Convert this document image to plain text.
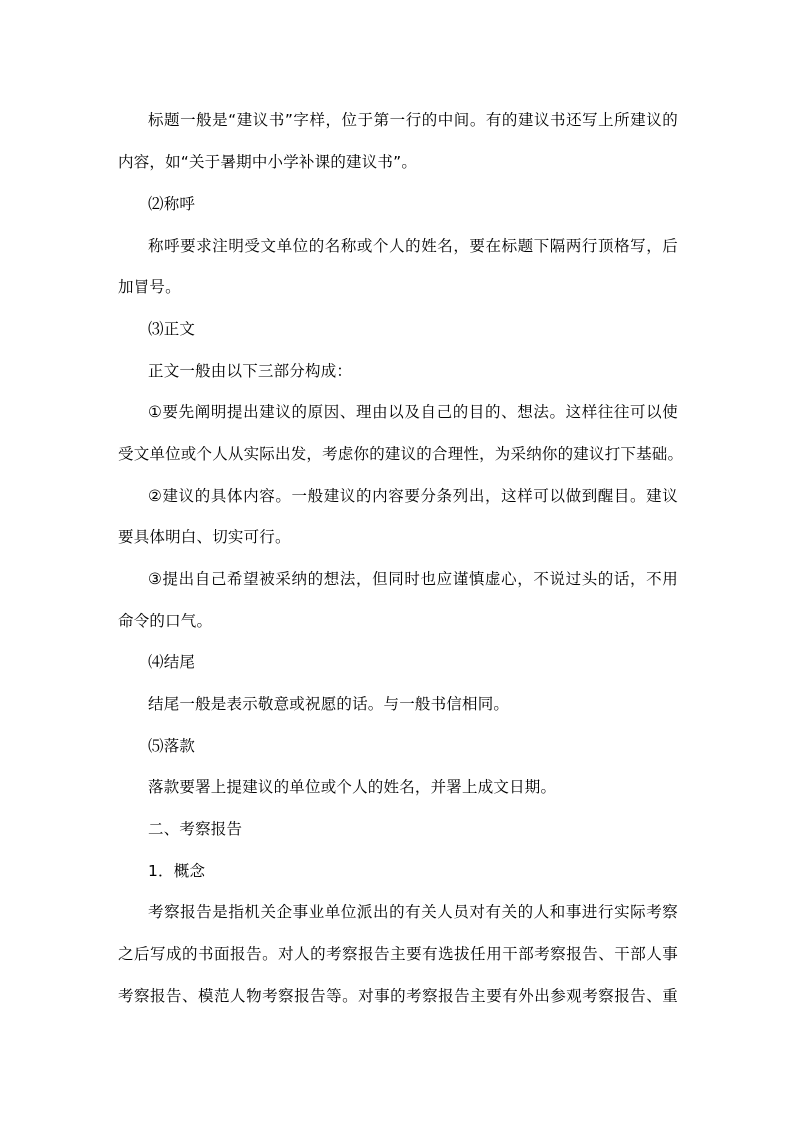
标题一般是“建议书”字样，位于第一行的中间。有的建议书还写上所建议的
内容，如“关于暑期中小学补课的建议书”。
⑵称呼
称呼要求注明受文单位的名称或个人的姓名，要在标题下隔两行顶格写，后
加冒号。
⑶正文
正文一般由以下三部分构成：
①要先阐明提出建议的原因、理由以及自己的目的、想法。这样往往可以使
受文单位或个人从实际出发，考虑你的建议的合理性，为采纳你的建议打下基础。
②建议的具体内容。一般建议的内容要分条列出，这样可以做到醒目。建议
要具体明白、切实可行。
③提出自己希望被采纳的想法，但同时也应谨慎虚心，不说过头的话，不用
命令的口气。
⑷结尾
结尾一般是表示敬意或祝愿的话。与一般书信相同。
⑸落款
落款要署上提建议的单位或个人的姓名，并署上成文日期。
二、考察报告
1．概念
考察报告是指机关企事业单位派出的有关人员对有关的人和事进行实际考察
之后写成的书面报告。对人的考察报告主要有选拔任用干部考察报告、干部人事
考察报告、模范人物考察报告等。对事的考察报告主要有外出参观考察报告、重
